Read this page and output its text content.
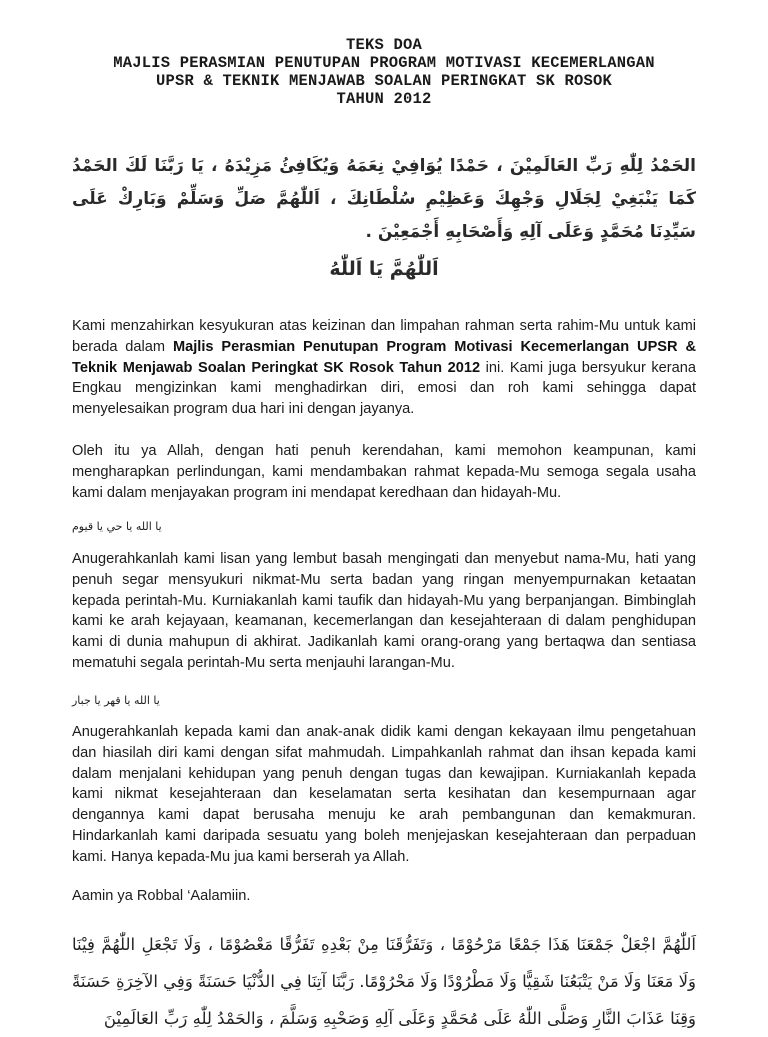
TEKS DOA
MAJLIS PERASMIAN PENUTUPAN PROGRAM MOTIVASI KECEMERLANGAN
UPSR & TEKNIK MENJAWAB SOALAN PERINGKAT SK ROSOK
TAHUN 2012
الحَمْدُ لِلّٰهِ رَبِّ العَالَمِيْنَ ، حَمْدًا يُوَافِيْ نِعَمَهُ وَيُكَافِئُ مَزِيْدَهُ ، يَا رَبَّنَا لَكَ الحَمْدُ كَمَا يَنْبَغِيْ لِجَلَالِ وَجْهِكَ وَعَظِيْمِ سُلْطَانِكَ ، اَللّٰهُمَّ صَلِّ وَسَلِّمْ وَبَارِكْ عَلَى سَيِّدِنَا مُحَمَّدٍ وَعَلَى آلِهِ وَأَصْحَابِهِ أَجْمَعِيْنَ .
اَللّٰهُمَّ يَا اَللّٰهُ
Kami menzahirkan kesyukuran atas keizinan dan limpahan rahman serta rahim-Mu untuk kami berada dalam Majlis Perasmian Penutupan Program Motivasi Kecemerlangan UPSR & Teknik Menjawab Soalan Peringkat SK Rosok Tahun 2012 ini. Kami juga bersyukur kerana Engkau mengizinkan kami menghadirkan diri, emosi dan roh kami sehingga dapat menyelesaikan program dua hari ini dengan jayanya.
Oleh itu ya Allah, dengan hati penuh kerendahan, kami memohon keampunan, kami mengharapkan perlindungan, kami mendambakan rahmat kepada-Mu semoga segala usaha kami dalam menjayakan program ini mendapat keredhaan dan hidayah-Mu.
يا الله يا حي يا قيوم
Anugerahkanlah kami lisan yang lembut basah mengingati dan menyebut nama-Mu, hati yang penuh segar mensyukuri nikmat-Mu serta badan yang ringan menyempurnakan ketaatan kepada perintah-Mu. Kurniakanlah kami taufik dan hidayah-Mu yang berpanjangan. Bimbinglah kami ke arah kejayaan, keamanan, kecemerlangan dan kesejahteraan di dalam penghidupan kami di dunia mahupun di akhirat. Jadikanlah kami orang-orang yang bertaqwa dan sentiasa mematuhi segala perintah-Mu serta menjauhi larangan-Mu.
يا الله يا قهر يا جبار
Anugerahkanlah kepada kami dan anak-anak didik kami dengan kekayaan ilmu pengetahuan dan hiasilah diri kami dengan sifat mahmudah. Limpahkanlah rahmat dan ihsan kepada kami dalam menjalani kehidupan yang penuh dengan tugas dan kewajipan. Kurniakanlah kepada kami nikmat kesejahteraan dan keselamatan serta kesihatan dan kesempurnaan agar dengannya kami dapat berusaha menuju ke arah pembangunan dan kemakmuran. Hindarkanlah kami daripada sesuatu yang boleh menjejaskan kesejahteraan dan perpaduan kami. Hanya kepada-Mu jua kami berserah ya Allah.
Aamin ya Robbal ‘Aalamiin.
اَللّٰهُمَّ اجْعَلْ جَمْعَنَا هَذَا جَمْعًا مَرْحُوْمًا ، وَتَفَرُّقَنَا مِنْ بَعْدِهِ تَفَرُّقًا مَعْصُوْمًا ، وَلَا تَجْعَلِ اللّٰهُمَّ فِيْنَا وَلَا مَعَنَا وَلَا مَنْ يَتْبَعُنَا شَقِيًّا وَلَا مَطْرُوْدًا وَلَا مَحْرُوْمًا. رَبَّنَا آتِنَا فِي الدُّنْيَا حَسَنَةً وَفِي الآخِرَةِ حَسَنَةً وَقِنَا عَذَابَ النَّارِ وَصَلَّى اللّٰهُ عَلَى مُحَمَّدٍ وَعَلَى آلِهِ وَصَحْبِهِ وَسَلَّمَ ، وَالحَمْدُ لِلّٰهِ رَبِّ العَالَمِيْنَ
